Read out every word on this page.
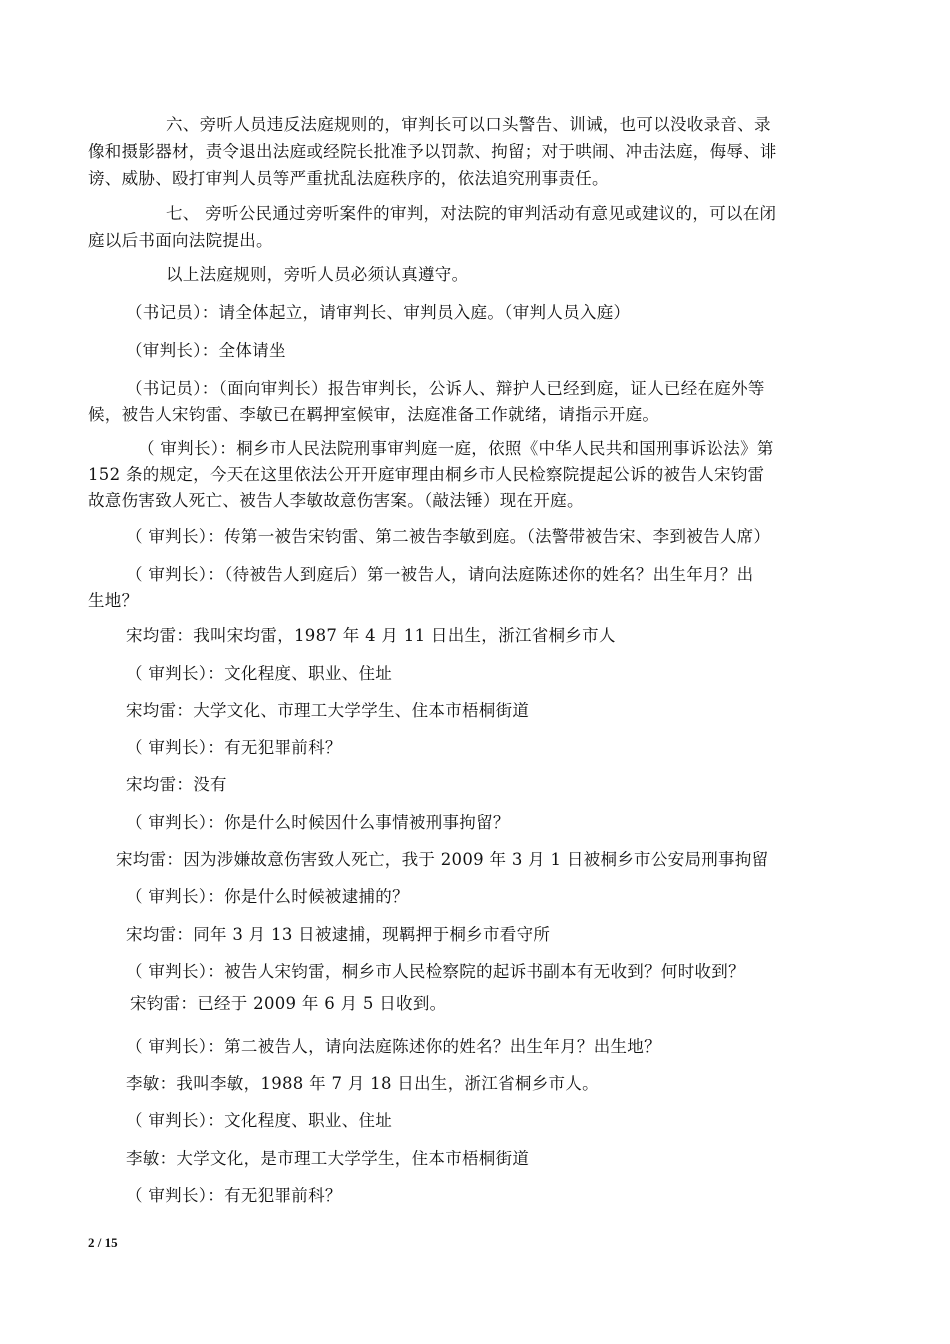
六、旁听人员违反法庭规则的，审判长可以口头警告、训诫，也可以没收录音、录
像和摄影器材，责令退出法庭或经院长批准予以罚款、拘留；对于哄闹、冲击法庭，侮辱、诽
谤、威胁、殴打审判人员等严重扰乱法庭秩序的，依法追究刑事责任。
七、 旁听公民通过旁听案件的审判，对法院的审判活动有意见或建议的，可以在闭
庭以后书面向法院提出。
以上法庭规则，旁听人员必须认真遵守。
（书记员）：请全体起立，请审判长、审判员入庭。（审判人员入庭）
（审判长）：全体请坐
（书记员）：（面向审判长）报告审判长，公诉人、辩护人已经到庭，证人已经在庭外等
候，被告人宋钧雷、李敏已在羁押室候审，法庭准备工作就绪，请指示开庭。
（ 审判长）：桐乡市人民法院刑事审判庭一庭，依照《中华人民共和国刑事诉讼法》第
152 条的规定，今天在这里依法公开开庭审理由桐乡市人民检察院提起公诉的被告人宋钧雷
故意伤害致人死亡、被告人李敏故意伤害案。（敲法锤）现在开庭。
（ 审判长）：传第一被告宋钧雷、第二被告李敏到庭。（法警带被告宋、李到被告人席）
（ 审判长）：（待被告人到庭后）第一被告人，请向法庭陈述你的姓名？出生年月？出
生地？
宋均雷：我叫宋均雷，1987 年 4 月 11 日出生，浙江省桐乡市人
（ 审判长）：文化程度、职业、住址
宋均雷：大学文化、市理工大学学生、住本市梧桐街道
（ 审判长）：有无犯罪前科？
宋均雷：没有
（ 审判长）：你是什么时候因什么事情被刑事拘留？
宋均雷：因为涉嫌故意伤害致人死亡，我于 2009 年 3 月 1 日被桐乡市公安局刑事拘留
（ 审判长）：你是什么时候被逮捕的？
宋均雷：同年 3 月 13 日被逮捕，现羁押于桐乡市看守所
（ 审判长）：被告人宋钧雷，桐乡市人民检察院的起诉书副本有无收到？何时收到？
宋钧雷：已经于 2009 年 6 月 5 日收到。
（ 审判长）：第二被告人，请向法庭陈述你的姓名？出生年月？出生地？
李敏：我叫李敏，1988 年 7 月 18 日出生，浙江省桐乡市人。
（ 审判长）：文化程度、职业、住址
李敏：大学文化，是市理工大学学生，住本市梧桐街道
（ 审判长）：有无犯罪前科？
2 / 15
